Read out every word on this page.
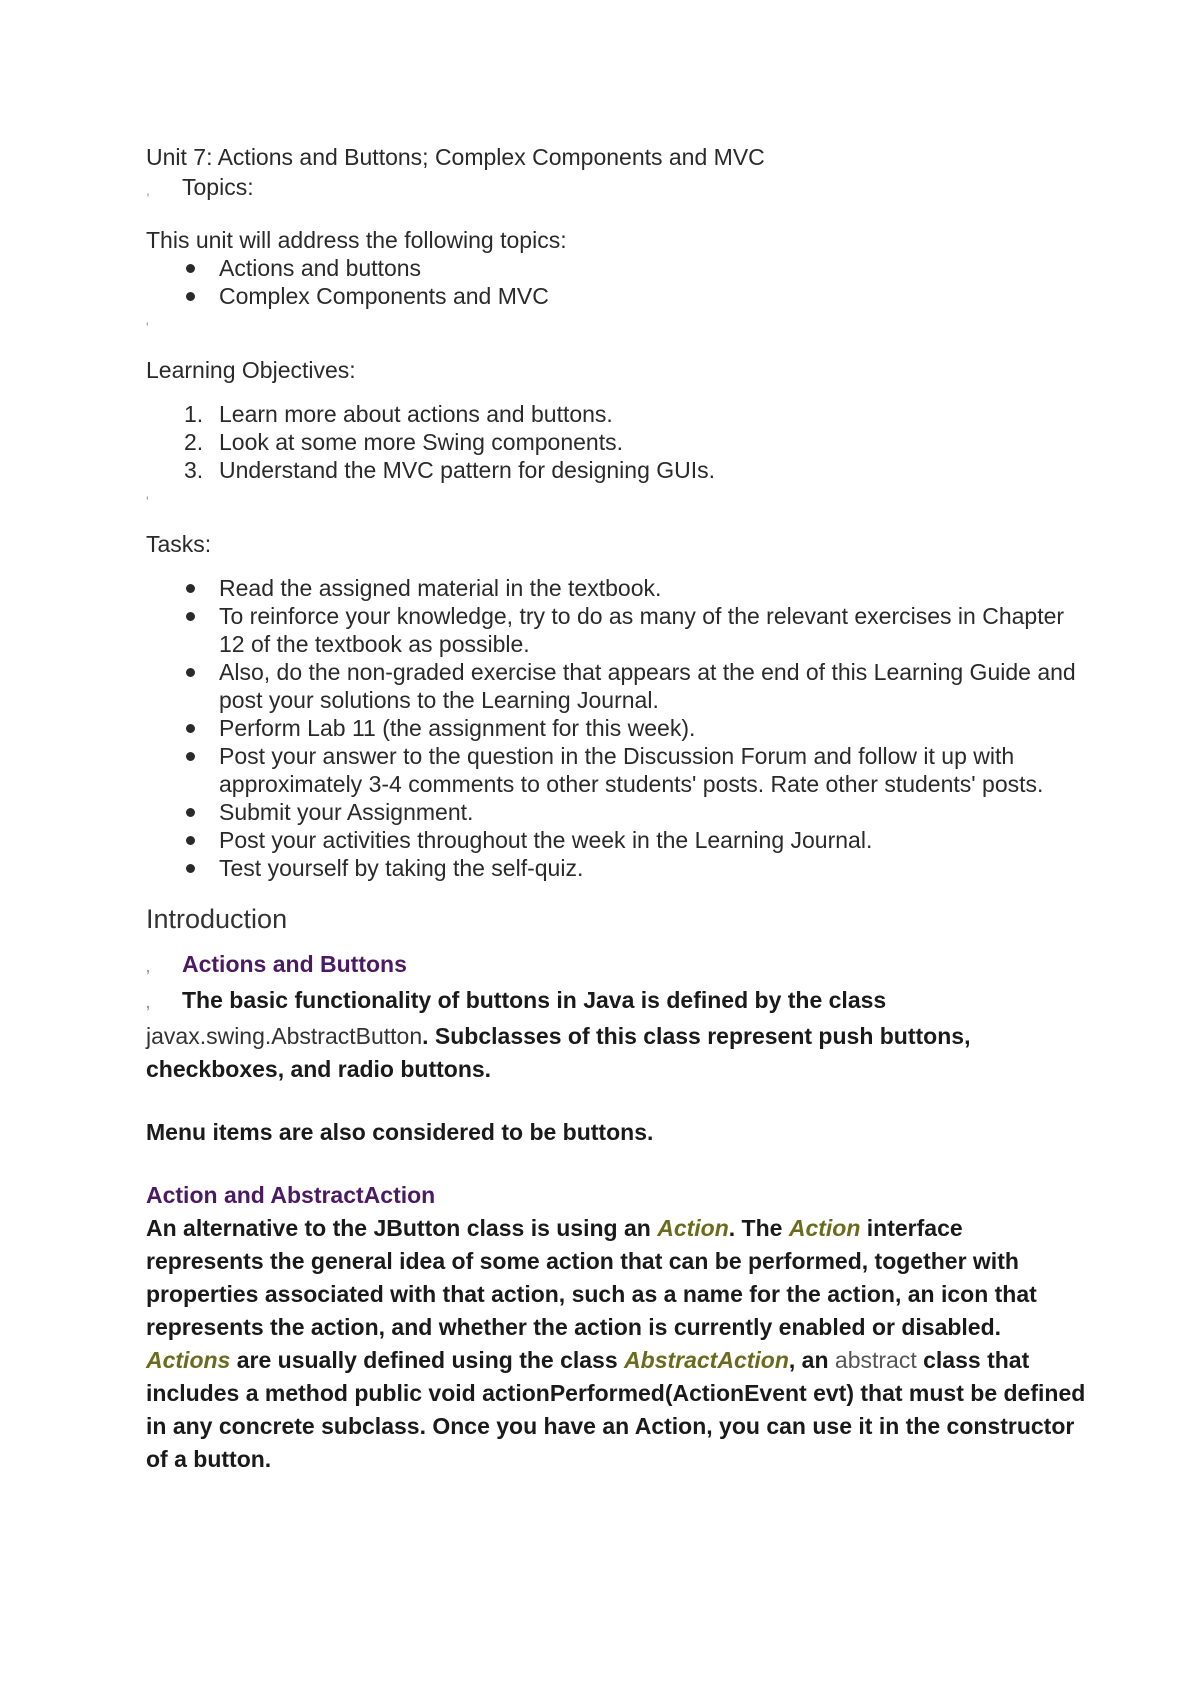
Unit 7: Actions and Buttons; Complex Components and MVC
, Topics:
This unit will address the following topics:
Actions and buttons
Complex Components and MVC
'
Learning Objectives:
1. Learn more about actions and buttons.
2. Look at some more Swing components.
3. Understand the MVC pattern for designing GUIs.
'
Tasks:
Read the assigned material in the textbook.
To reinforce your knowledge, try to do as many of the relevant exercises in Chapter 12 of the textbook as possible.
Also, do the non-graded exercise that appears at the end of this Learning Guide and post your solutions to the Learning Journal.
Perform Lab 11 (the assignment for this week).
Post your answer to the question in the Discussion Forum and follow it up with approximately 3-4 comments to other students' posts. Rate other students' posts.
Submit your Assignment.
Post your activities throughout the week in the Learning Journal.
Test yourself by taking the self-quiz.
Introduction
, Actions and Buttons
, The basic functionality of buttons in Java is defined by the class javax.swing.AbstractButton. Subclasses of this class represent push buttons, checkboxes, and radio buttons.
Menu items are also considered to be buttons.
Action and AbstractAction
An alternative to the JButton class is using an Action. The Action interface represents the general idea of some action that can be performed, together with properties associated with that action, such as a name for the action, an icon that represents the action, and whether the action is currently enabled or disabled. Actions are usually defined using the class AbstractAction, an abstract class that includes a method public void actionPerformed(ActionEvent evt) that must be defined in any concrete subclass. Once you have an Action, you can use it in the constructor of a button.
